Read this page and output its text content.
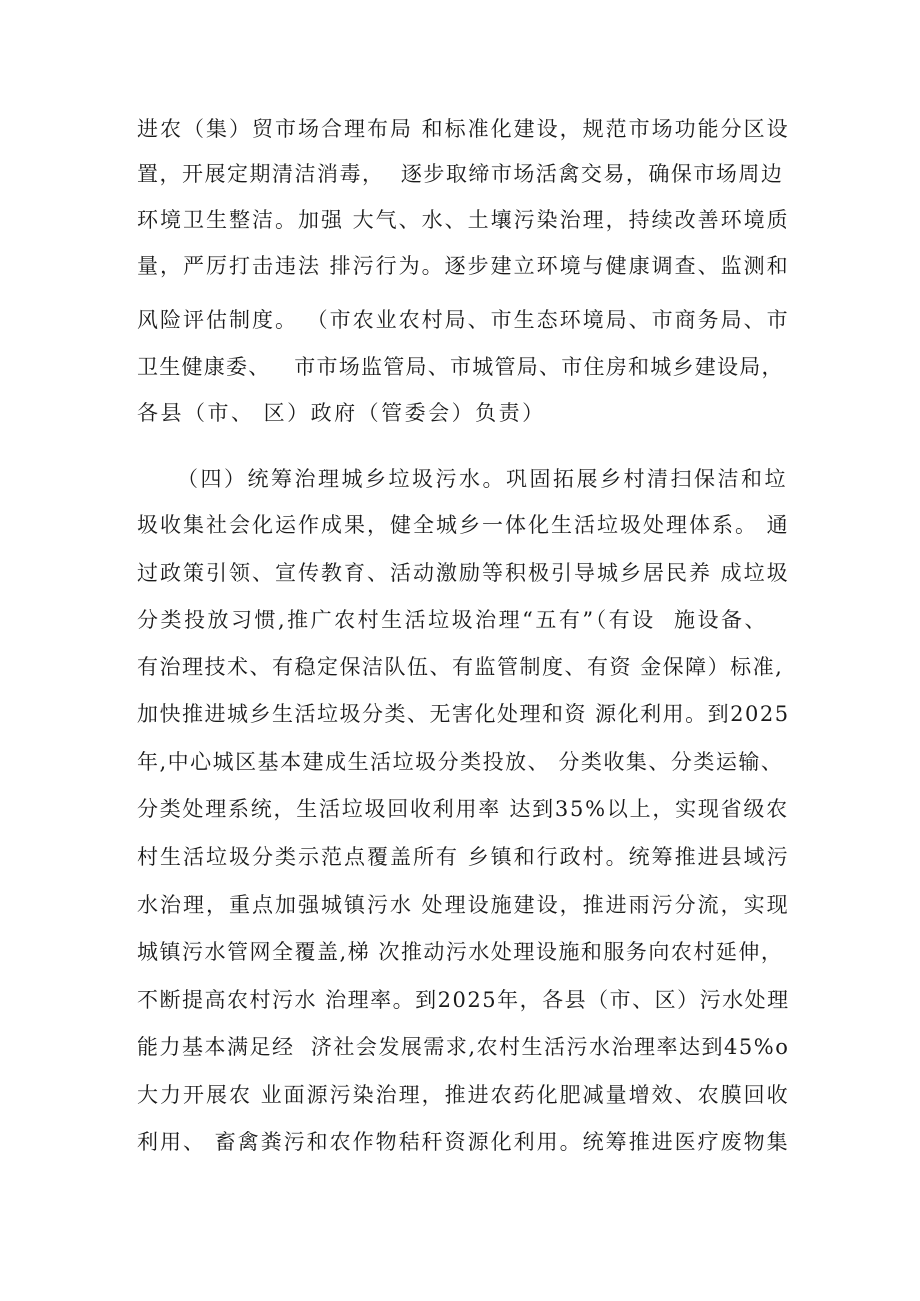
进农（集）贸市场合理布局 和标准化建设，规范市场功能分区设
置，开展定期清洁消毒，  逐步取缔市场活禽交易，确保市场周边
环境卫生整洁。加强 大气、水、土壤污染治理，持续改善环境质
量，严厉打击违法 排污行为。逐步建立环境与健康调查、监测和
风险评估制度。 （市农业农村局、市生态环境局、市商务局、市
卫生健康委、   市市场监管局、市城管局、市住房和城乡建设局，
各县（市、 区）政府（管委会）负责）
（四）统筹治理城乡垃圾污水。巩固拓展乡村清扫保洁和垃
圾收集社会化运作成果，健全城乡一体化生活垃圾处理体系。 通
过政策引领、宣传教育、活动激励等积极引导城乡居民养 成垃圾
分类投放习惯,推广农村生活垃圾治理“五有”（有设  施设备、
有治理技术、有稳定保洁队伍、有监管制度、有资 金保障）标准,
加快推进城乡生活垃圾分类、无害化处理和资 源化利用。到2025
年,中心城区基本建成生活垃圾分类投放、 分类收集、分类运输、
分类处理系统，生活垃圾回收利用率 达到35%以上，实现省级农
村生活垃圾分类示范点覆盖所有 乡镇和行政村。统筹推进县域污
水治理，重点加强城镇污水 处理设施建设，推进雨污分流，实现
城镇污水管网全覆盖,梯 次推动污水处理设施和服务向农村延伸，
不断提高农村污水 治理率。到2025年，各县（市、区）污水处理
能力基本满足经  济社会发展需求,农村生活污水治理率达到45%o
大力开展农 业面源污染治理，推进农药化肥减量增效、农膜回收
利用、 畜禽粪污和农作物秸秆资源化利用。统筹推进医疗废物集
